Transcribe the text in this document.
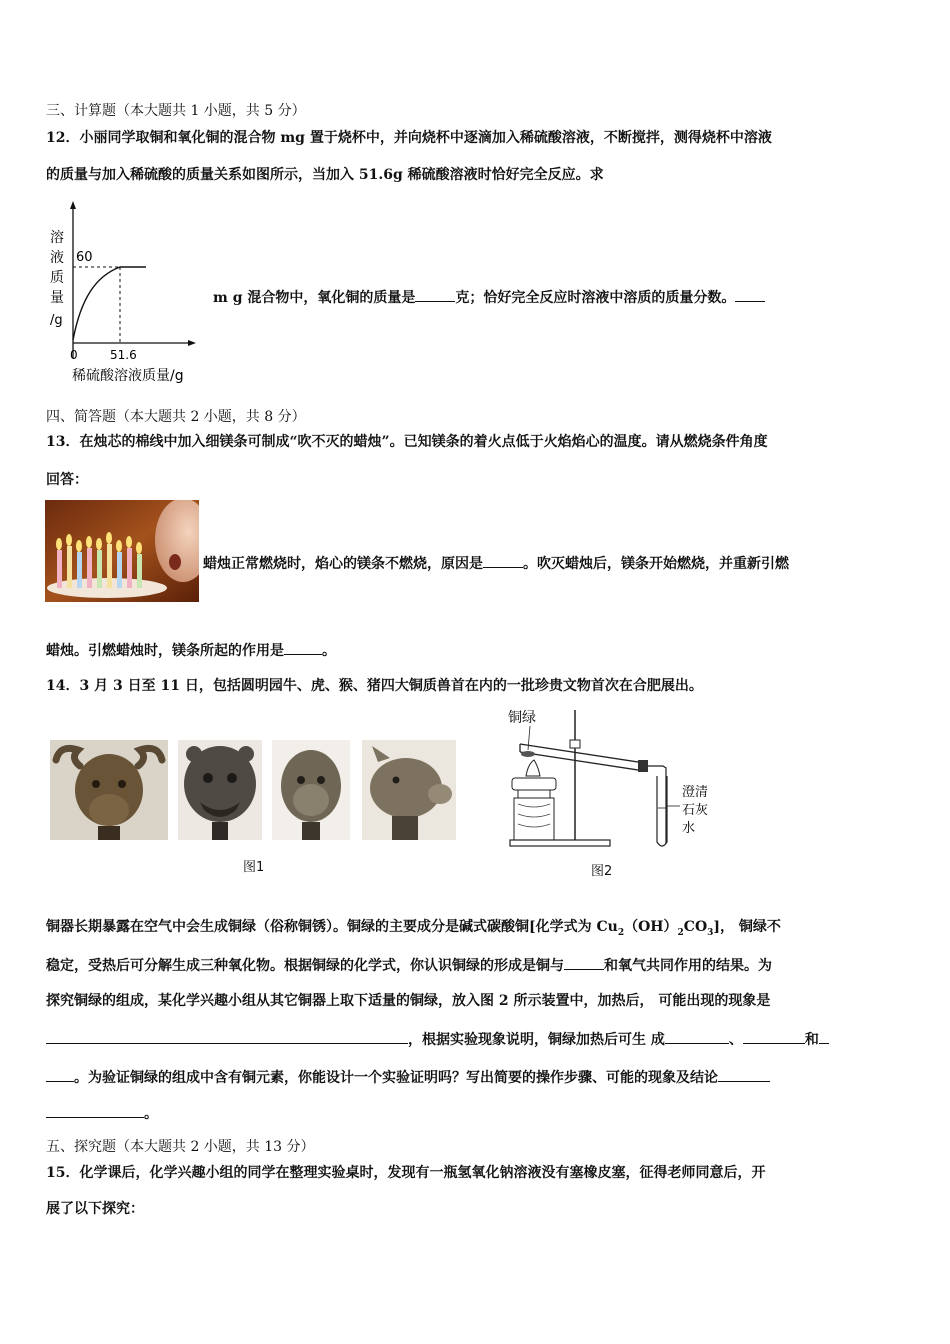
三、计算题（本大题共 1 小题，共 5 分）
12．小丽同学取铜和氧化铜的混合物 mg 置于烧杯中，并向烧杯中逐滴加入稀硫酸溶液，不断搅拌，测得烧杯中溶液
的质量与加入稀硫酸的质量关系如图所示，当加入 51.6g 稀硫酸溶液时恰好完全反应。求
溶
液
质
量
/g
60
0	51.6
稀硫酸溶液质量/g
m g 混合物中，氧化铜的质量是	克；恰好完全反应时溶液中溶质的质量分数。
四、简答题（本大题共 2 小题，共 8 分）
13．在烛芯的棉线中加入细镁条可制成“吹不灭的蜡烛”。已知镁条的着火点低于火焰焰心的温度。请从燃烧条件角度
回答：
蜡烛正常燃烧时，焰心的镁条不燃烧，原因是	。吹灭蜡烛后，镁条开始燃烧，并重新引燃
蜡烛。引燃蜡烛时，镁条所起的作用是	。
14．3 月 3 日至 11 日，包括圆明园牛、虎、猴、猪四大铜质兽首在内的一批珍贵文物首次在合肥展出。
图1
铜绿
澄清
石灰
水
图2
铜器长期暴露在空气中会生成铜绿（俗称铜锈）。铜绿的主要成分是碱式碳酸铜[化学式为 $Cu_2(OH)_2CO_3$]， 铜绿不
稳定，受热后可分解生成三种氧化物。根据铜绿的化学式，你认识铜绿的形成是铜与	和氧气共同作用的结果。为
探究铜绿的组成，某化学兴趣小组从其它铜器上取下适量的铜绿，放入图 2 所示装置中，加热后， 可能出现的现象是
，根据实验现象说明，铜绿加热后可生 成	、	和
。为验证铜绿的组成中含有铜元素，你能设计一个实验证明吗？写出简要的操作步骤、可能的现象及结论
。
五、探究题（本大题共 2 小题，共 13 分）
15．化学课后，化学兴趣小组的同学在整理实验桌时，发现有一瓶氢氧化钠溶液没有塞橡皮塞，征得老师同意后，开
展了以下探究：
